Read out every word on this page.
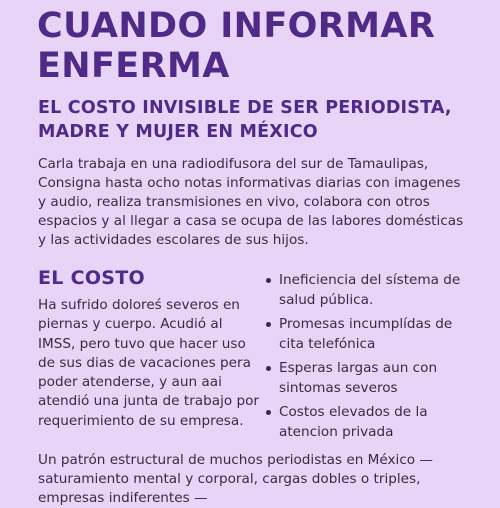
CUANDO INFORMAR ENFERMA
EL COSTO INVISIBLE DE SER PERIODISTA, MADRE Y MUJER EN MÉXICO

Carla trabaja en una radiodifusora del sur de Tamaulipas, Consigna hasta ocho notas informativas diarias con imagenes y audio, realiza transmisiones en vivo, colabora con otros espacios y al llegar a casa se ocupa de las labores domésticas y las actividades escolares de sus hijos.

EL COSTO

Ha sufrido doloreś severos en piernas y cuerpo. Acudió al IMSS, pero tuvo que hacer uso de sus dias de vacaciones pera poder atenderse, y aun aai atendió una junta de trabajo por requerimiento de su empresa.

Ineficiencia del sístema de salud pública.
Promesas incumplídas de cita telefónica
Esperas largas aun con sintomas severos
Costos elevados de la atencion privada

Un patrón estructural de muchos periodistas en México — saturamiento mental y corporal, cargas dobles o triples, empresas indiferentes —
